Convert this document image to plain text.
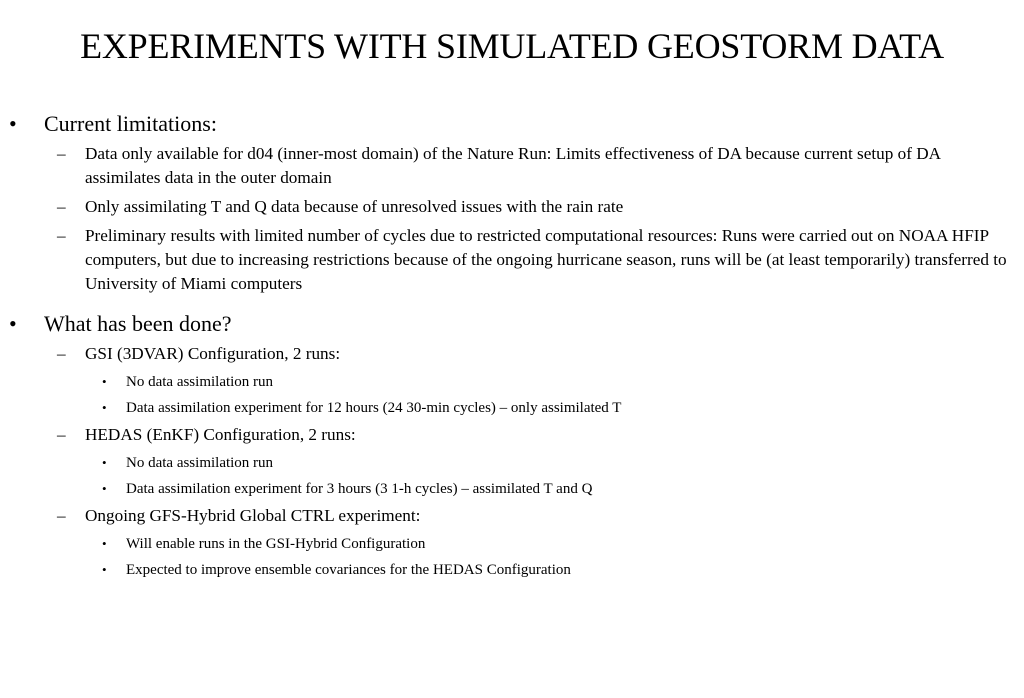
EXPERIMENTS WITH SIMULATED GEOSTORM DATA
• Current limitations:
– Data only available for d04 (inner-most domain) of the Nature Run: Limits effectiveness of DA because current setup of DA assimilates data in the outer domain
– Only assimilating T and Q data because of unresolved issues with the rain rate
– Preliminary results with limited number of cycles due to restricted computational resources: Runs were carried out on NOAA HFIP computers, but due to increasing restrictions because of the ongoing hurricane season, runs will be (at least temporarily) transferred to University of Miami computers
• What has been done?
– GSI (3DVAR) Configuration, 2 runs:
• No data assimilation run
• Data assimilation experiment for 12 hours (24 30-min cycles) – only assimilated T
– HEDAS (EnKF) Configuration, 2 runs:
• No data assimilation run
• Data assimilation experiment for 3 hours (3 1-h cycles) – assimilated T and Q
– Ongoing GFS-Hybrid Global CTRL experiment:
• Will enable runs in the GSI-Hybrid Configuration
• Expected to improve ensemble covariances for the HEDAS Configuration
